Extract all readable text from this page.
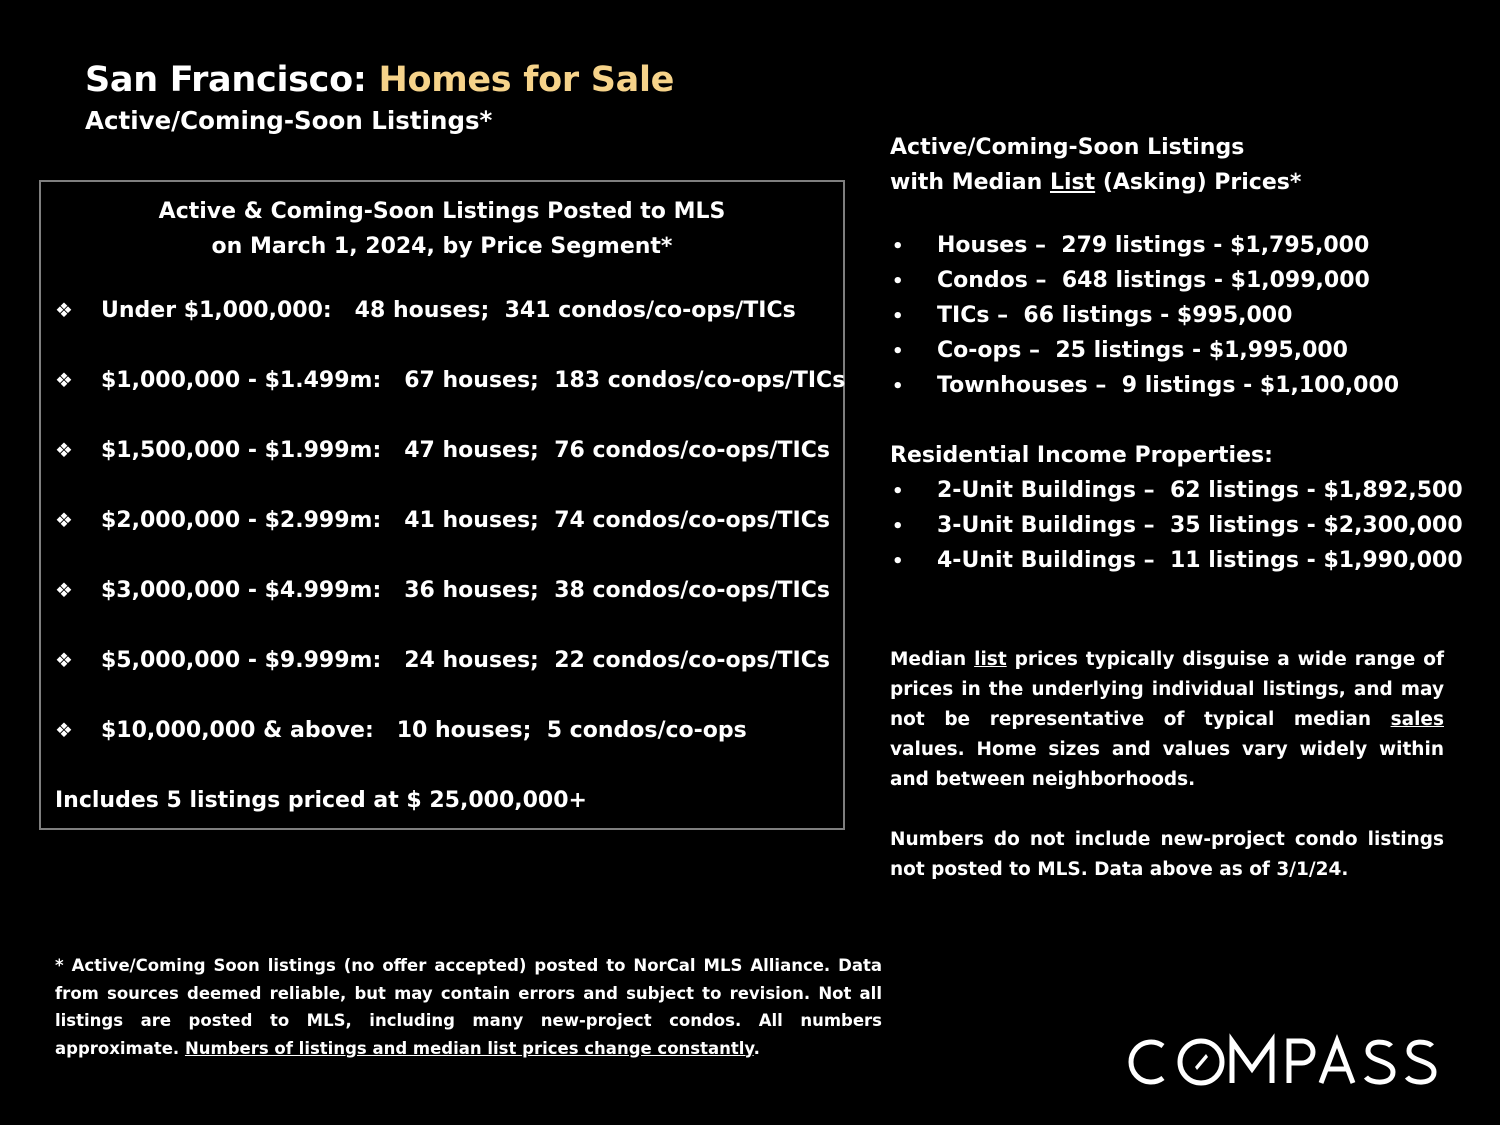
San Francisco: Homes for Sale
Active/Coming-Soon Listings*
Active & Coming-Soon Listings Posted to MLS
on March 1, 2024, by Price Segment*
❖ Under $1,000,000: 48 houses; 341 condos/co-ops/TICs
❖ $1,000,000 - $1.499m: 67 houses; 183 condos/co-ops/TICs
❖ $1,500,000 - $1.999m: 47 houses; 76 condos/co-ops/TICs
❖ $2,000,000 - $2.999m: 41 houses; 74 condos/co-ops/TICs
❖ $3,000,000 - $4.999m: 36 houses; 38 condos/co-ops/TICs
❖ $5,000,000 - $9.999m: 24 houses; 22 condos/co-ops/TICs
❖ $10,000,000 & above: 10 houses; 5 condos/co-ops
Includes 5 listings priced at $ 25,000,000+
Active/Coming-Soon Listings
with Median List (Asking) Prices*
• Houses – 279 listings - $1,795,000
• Condos – 648 listings - $1,099,000
• TICs – 66 listings - $995,000
• Co-ops – 25 listings - $1,995,000
• Townhouses – 9 listings - $1,100,000
Residential Income Properties:
• 2-Unit Buildings – 62 listings - $1,892,500
• 3-Unit Buildings – 35 listings - $2,300,000
• 4-Unit Buildings – 11 listings - $1,990,000
Median list prices typically disguise a wide range of prices in the underlying individual listings, and may not be representative of typical median sales values. Home sizes and values vary widely within and between neighborhoods.
Numbers do not include new-project condo listings not posted to MLS. Data above as of 3/1/24.
* Active/Coming Soon listings (no offer accepted) posted to NorCal MLS Alliance. Data from sources deemed reliable, but may contain errors and subject to revision. Not all listings are posted to MLS, including many new-project condos. All numbers approximate. Numbers of listings and median list prices change constantly.
